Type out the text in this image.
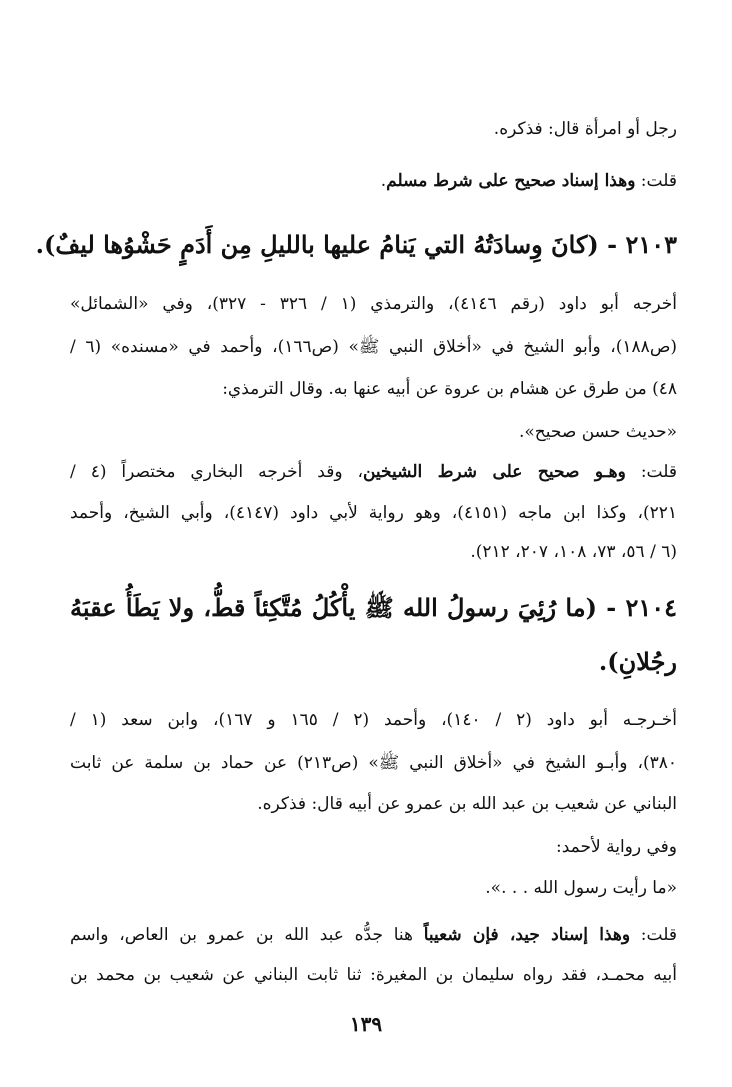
رجل أو امرأة قال: فذكره.
قلت: وهذا إسناد صحيح على شرط مسلم.
٢١٠٣ - (كانَ وِسادَتُهُ التي يَنامُ عليها بالليلِ مِن أَدَمٍ حَشْوُها ليفٌ).
أخرجه أبو داود (رقم ٤١٤٦)، والترمذي (١ / ٣٢٦ - ٣٢٧)، وفي «الشمائل»
(ص١٨٨)، وأبو الشيخ في «أخلاق النبي ﷺ» (ص١٦٦)، وأحمد في «مسنده» (٦ /
٤٨) من طرق عن هشام بن عروة عن أبيه عنها به. وقال الترمذي:
«حديث حسن صحيح».
قلت: وهـو صحيح على شرط الشيخين، وقد أخرجه البخاري مختصراً (٤ /
٢٢١)، وكذا ابن ماجه (٤١٥١)، وهو رواية لأبي داود (٤١٤٧)، وأبي الشيخ، وأحمد
(٦ / ٥٦، ٧٣، ١٠٨، ٢٠٧، ٢١٢).
٢١٠٤ - (ما رُئِيَ رسولُ الله ﷺ يأْكُلُ مُتَّكِئاً قطُّ، ولا يَطَأُ عقبَهُ
رجُلانِ).
أخـرجـه أبو داود (٢ / ١٤٠)، وأحمد (٢ / ١٦٥ و ١٦٧)، وابن سعد (١ /
٣٨٠)، وأبـو الشيخ في «أخلاق النبي ﷺ» (ص٢١٣) عن حماد بن سلمة عن ثابت
البناني عن شعيب بن عبد الله بن عمرو عن أبيه قال: فذكره.
وفي رواية لأحمد:
«ما رأيت رسول الله . . .».
قلت: وهذا إسناد جيد، فإن شعيباً هنا جدُّه عبد الله بن عمرو بن العاص، واسم
أبيه محمـد، فقد رواه سليمان بن المغيرة: ثنا ثابت البناني عن شعيب بن محمد بن
١٣٩
